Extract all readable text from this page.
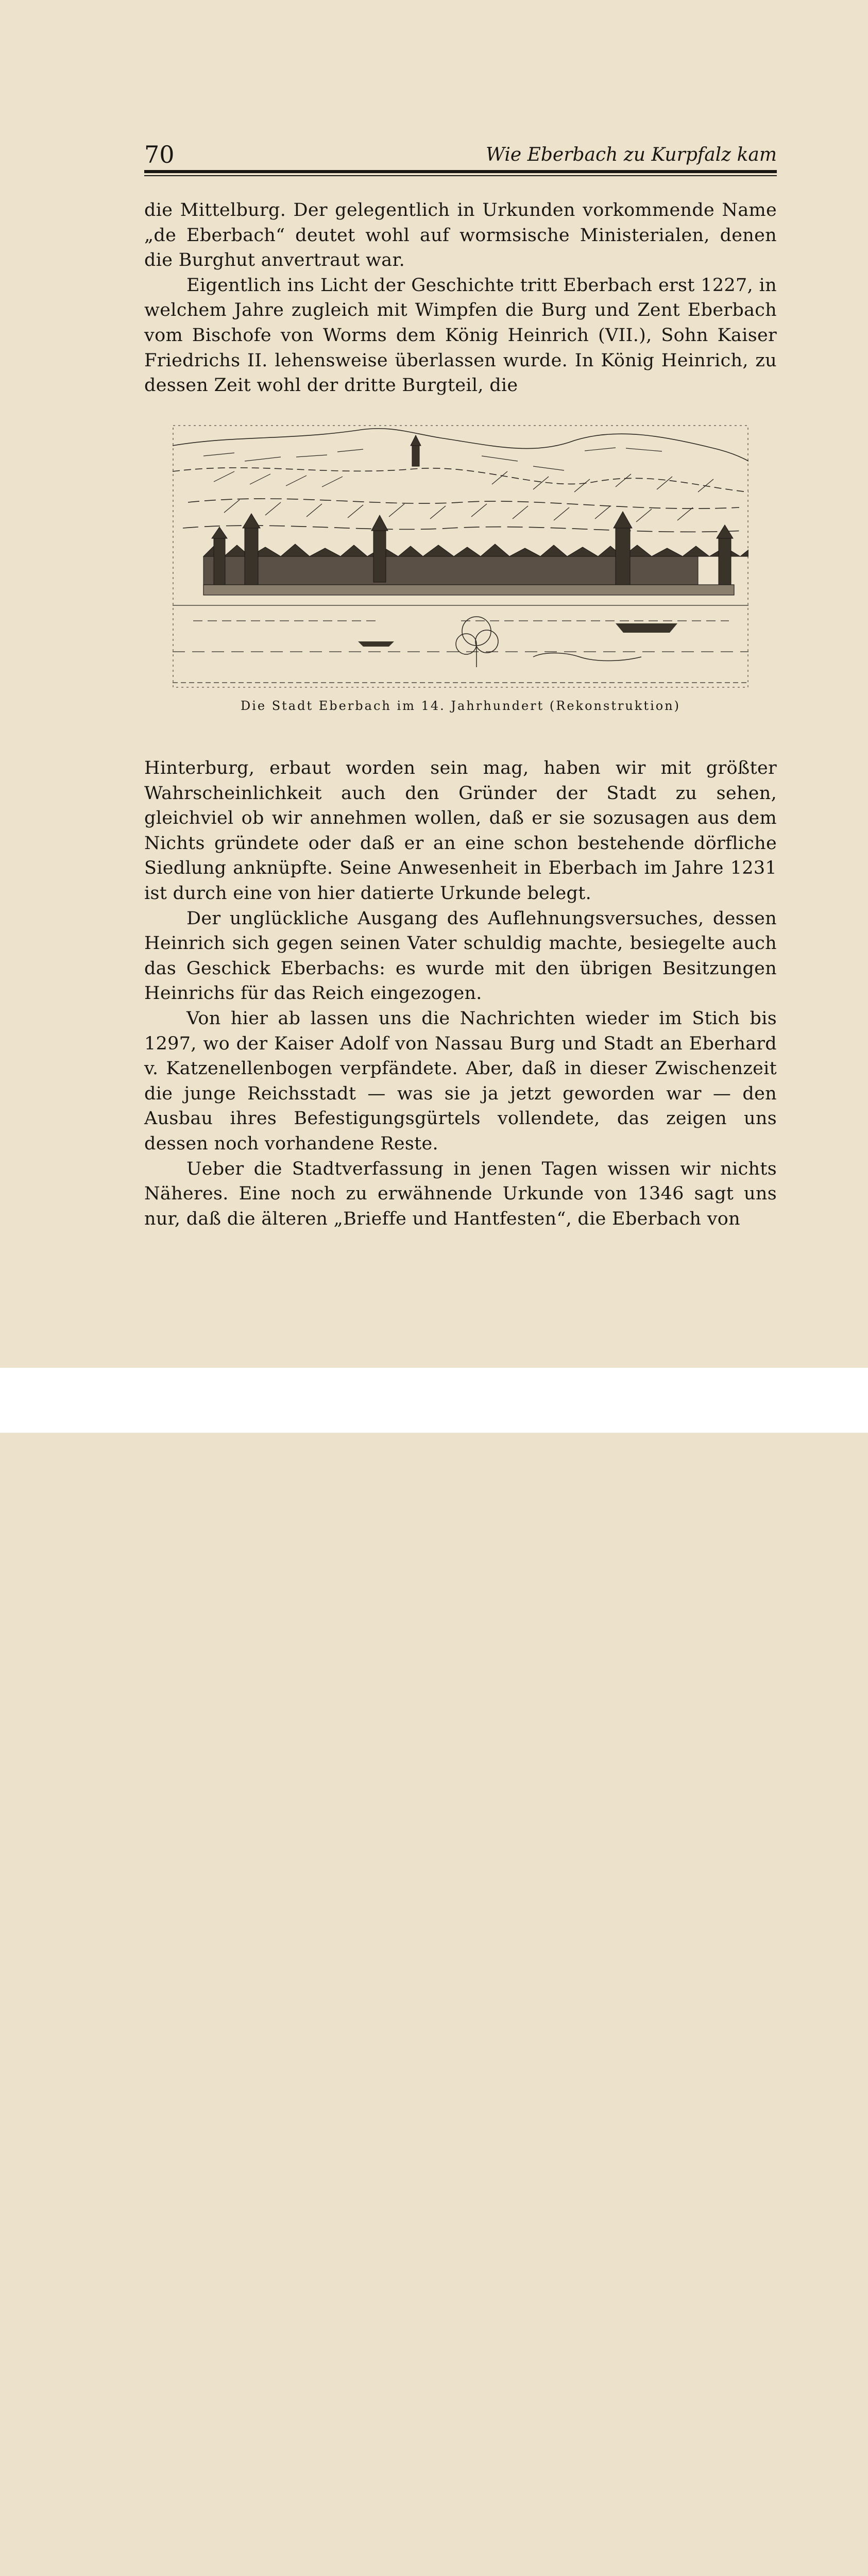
70	Wie Eberbach zu Kurpfalz kam

die Mittelburg. Der gelegentlich in Urkunden vorkommende Name „de Eberbach“ deutet wohl auf wormsische Ministerialen, denen die Burghut anvertraut war.

Eigentlich ins Licht der Geschichte tritt Eberbach erst 1227, in welchem Jahre zugleich mit Wimpfen die Burg und Zent Eberbach vom Bischofe von Worms dem König Heinrich (VII.), Sohn Kaiser Friedrichs II. lehensweise überlassen wurde. In König Heinrich, zu dessen Zeit wohl der dritte Burgteil, die

Die Stadt Eberbach im 14. Jahrhundert (Rekonstruktion)

Hinterburg, erbaut worden sein mag, haben wir mit größter Wahrscheinlichkeit auch den Gründer der Stadt zu sehen, gleichviel ob wir annehmen wollen, daß er sie sozusagen aus dem Nichts gründete oder daß er an eine schon bestehende dörfliche Siedlung anknüpfte. Seine Anwesenheit in Eberbach im Jahre 1231 ist durch eine von hier datierte Urkunde belegt.

Der unglückliche Ausgang des Auflehnungsversuches, dessen Heinrich sich gegen seinen Vater schuldig machte, besiegelte auch das Geschick Eberbachs: es wurde mit den übrigen Besitzungen Heinrichs für das Reich eingezogen.

Von hier ab lassen uns die Nachrichten wieder im Stich bis 1297, wo der Kaiser Adolf von Nassau Burg und Stadt an Eberhard v. Katzenellenbogen verpfändete. Aber, daß in dieser Zwischenzeit die junge Reichsstadt — was sie ja jetzt geworden war — den Ausbau ihres Befestigungsgürtels vollendete, das zeigen uns dessen noch vorhandene Reste.

Ueber die Stadtverfassung in jenen Tagen wissen wir nichts Näheres. Eine noch zu erwähnende Urkunde von 1346 sagt uns nur, daß die älteren „Brieffe und Hantfesten“, die Eberbach von
